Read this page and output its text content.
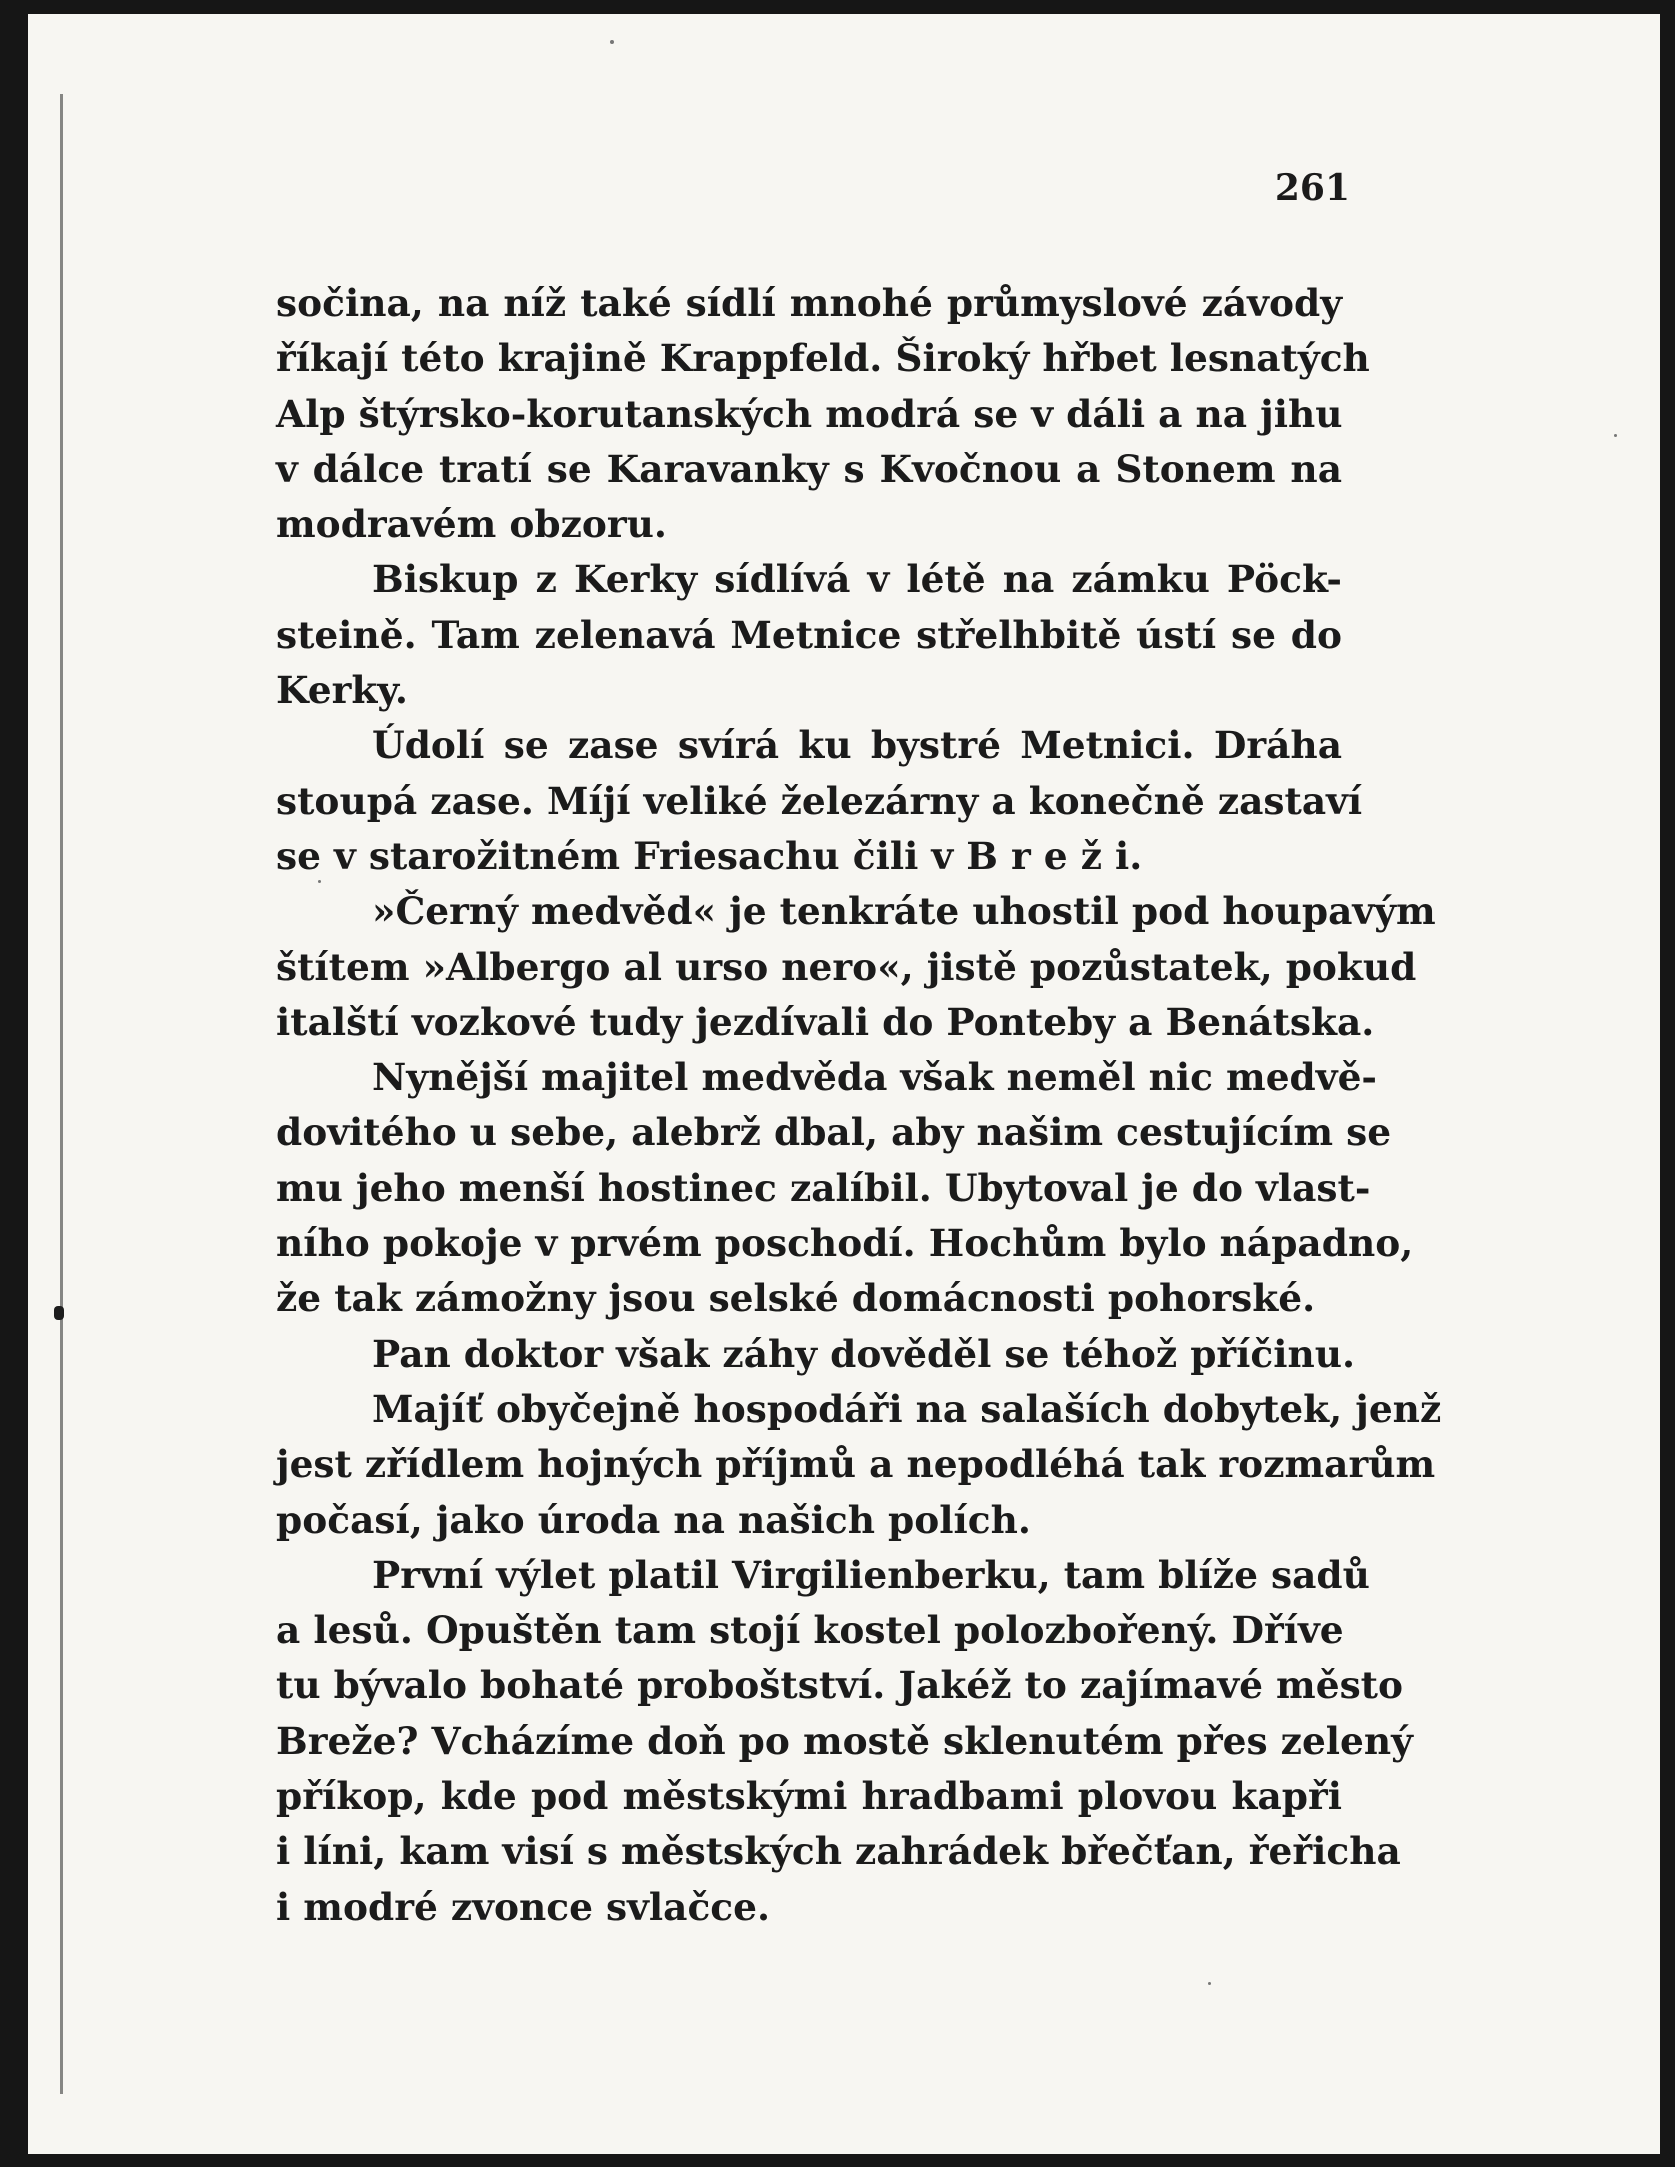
261
sočina, na níž také sídlí mnohé průmyslové závody
říkají této krajině Krappfeld. Široký hřbet lesnatých
Alp štýrsko-korutanských modrá se v dáli a na jihu
v dálce tratí se Karavanky s Kvočnou a Stonem na
modravém obzoru.
Biskup z Kerky sídlívá v létě na zámku Pöck-
steině. Tam zelenavá Metnice střelhbitě ústí se do
Kerky.
Údolí se zase svírá ku bystré Metnici. Dráha
stoupá zase. Míjí veliké železárny a konečně zastaví
se v starožitném Friesachu čili v B r e ž i.
»Černý medvěd« je tenkráte uhostil pod houpavým
štítem »Albergo al urso nero«, jistě pozůstatek, pokud
italští vozkové tudy jezdívali do Ponteby a Benátska.
Nynější majitel medvěda však neměl nic medvě-
dovitého u sebe, alebrž dbal, aby našim cestujícím se
mu jeho menší hostinec zalíbil. Ubytoval je do vlast-
ního pokoje v prvém poschodí. Hochům bylo nápadno,
že tak zámožny jsou selské domácnosti pohorské.
Pan doktor však záhy dověděl se téhož příčinu.
Majíť obyčejně hospodáři na salaších dobytek, jenž
jest zřídlem hojných příjmů a nepodléhá tak rozmarům
počasí, jako úroda na našich polích.
První výlet platil Virgilienberku, tam blíže sadů
a lesů. Opuštěn tam stojí kostel polozbořený. Dříve
tu bývalo bohaté proboštství. Jakéž to zajímavé město
Breže? Vcházíme doň po mostě sklenutém přes zelený
příkop, kde pod městskými hradbami plovou kapři
i líni, kam visí s městských zahrádek břečťan, řeřicha
i modré zvonce svlačce.
